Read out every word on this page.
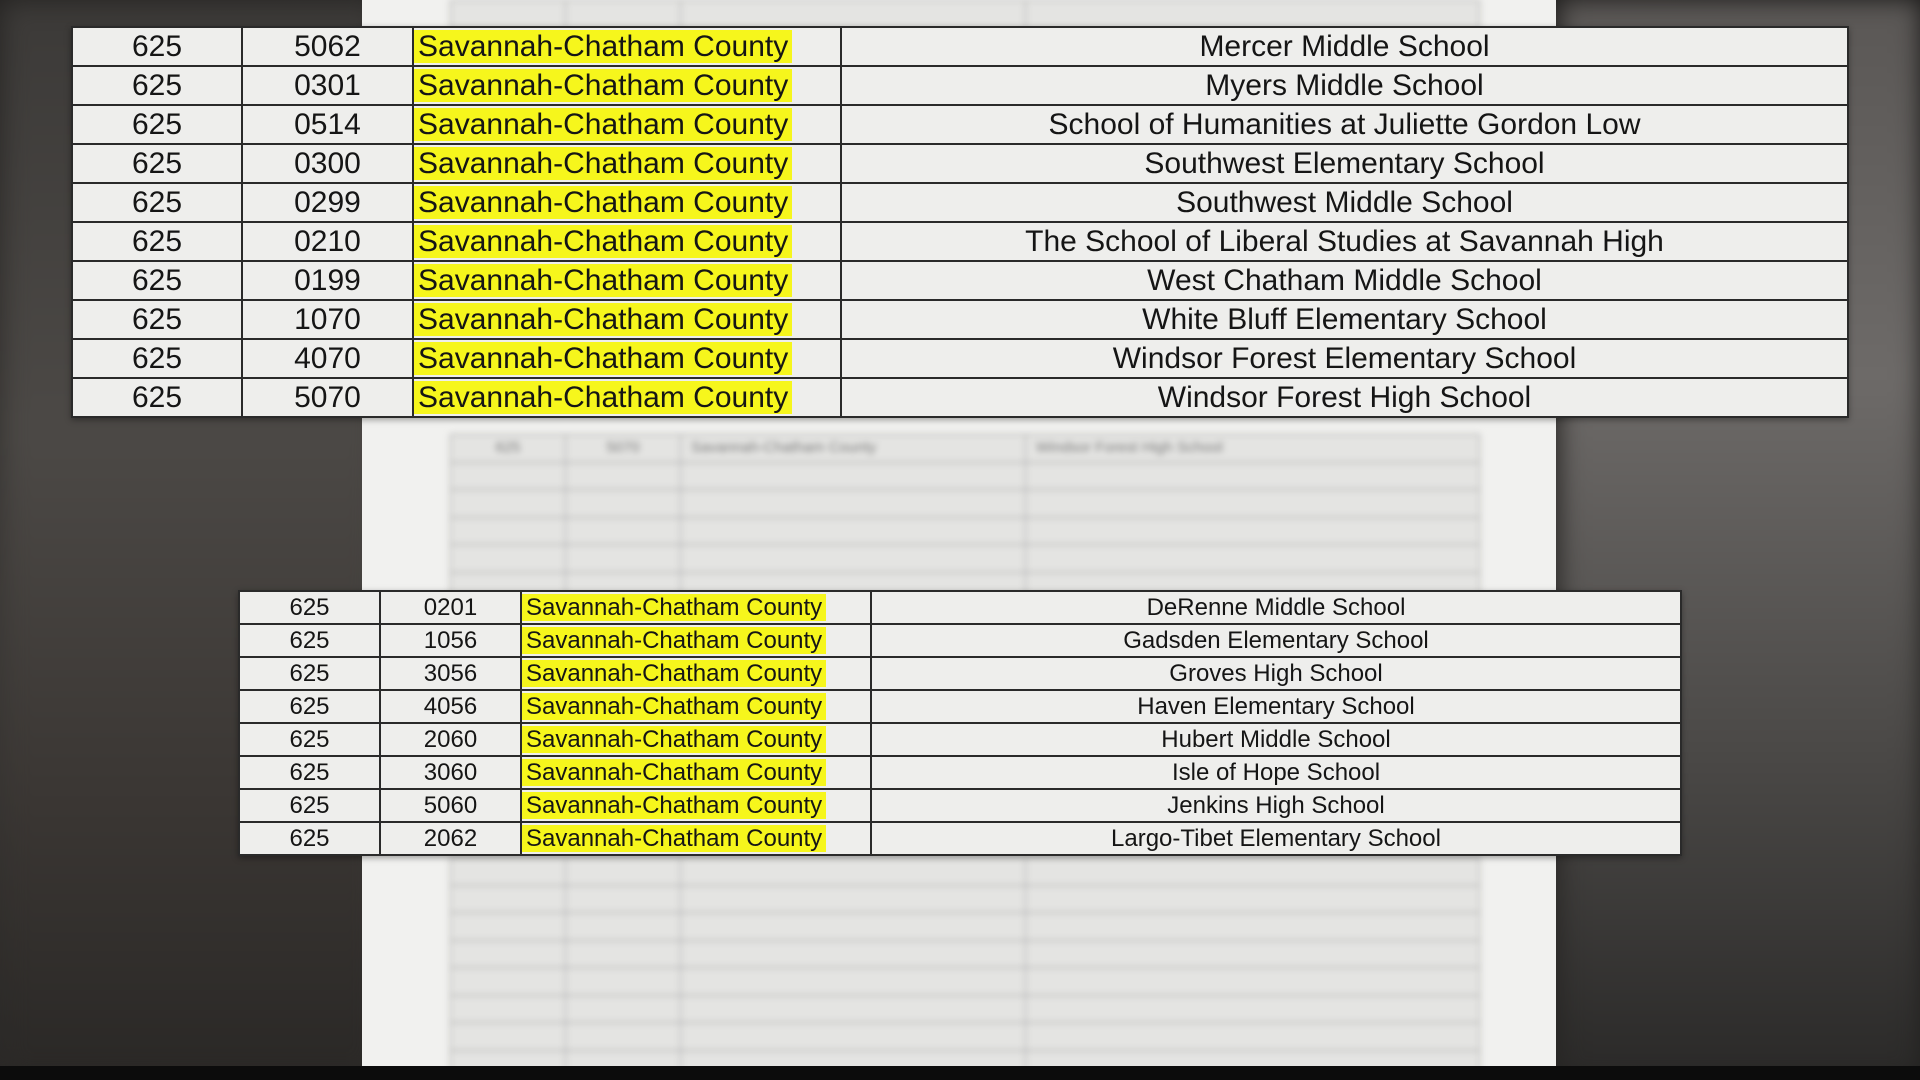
625	5070	Savannah-Chatham County	Windsor Forest High School
625	5062	Savannah-Chatham County	Mercer Middle School
625	0301	Savannah-Chatham County	Myers Middle School
625	0514	Savannah-Chatham County	School of Humanities at Juliette Gordon Low
625	0300	Savannah-Chatham County	Southwest Elementary School
625	0299	Savannah-Chatham County	Southwest Middle School
625	0210	Savannah-Chatham County	The School of Liberal Studies at Savannah High
625	0199	Savannah-Chatham County	West Chatham Middle School
625	1070	Savannah-Chatham County	White Bluff Elementary School
625	4070	Savannah-Chatham County	Windsor Forest Elementary School
625	5070	Savannah-Chatham County	Windsor Forest High School
625	0201	Savannah-Chatham County	DeRenne Middle School
625	1056	Savannah-Chatham County	Gadsden Elementary School
625	3056	Savannah-Chatham County	Groves High School
625	4056	Savannah-Chatham County	Haven Elementary School
625	2060	Savannah-Chatham County	Hubert Middle School
625	3060	Savannah-Chatham County	Isle of Hope School
625	5060	Savannah-Chatham County	Jenkins High School
625	2062	Savannah-Chatham County	Largo-Tibet Elementary School
